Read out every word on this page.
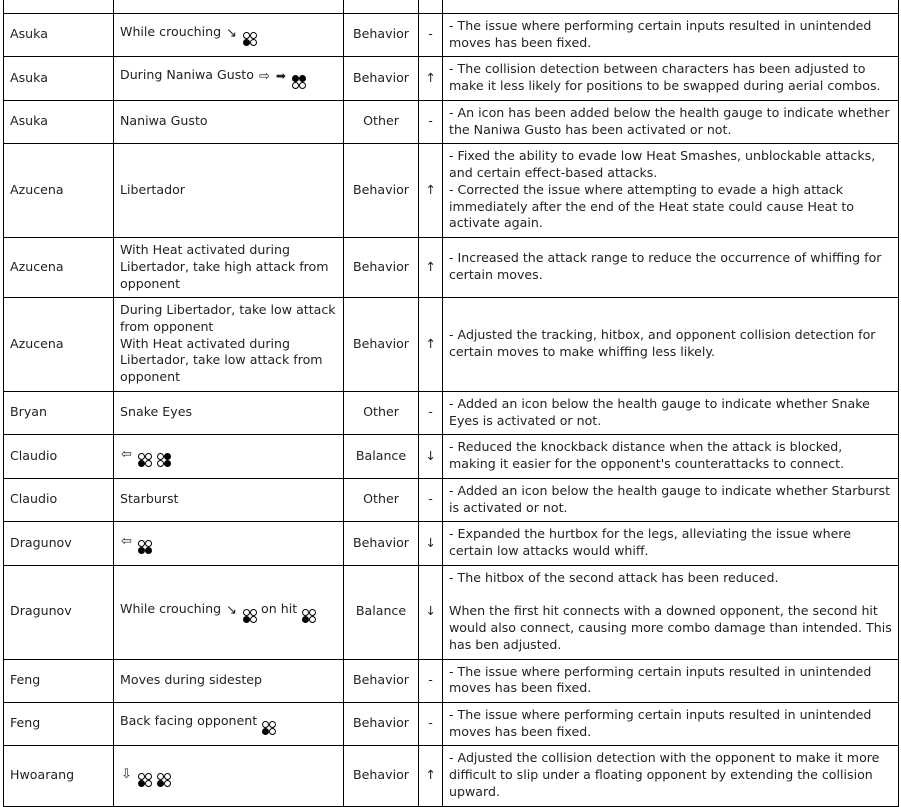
Asuka	While crouching ↘	Behavior	-	- The issue where performing certain inputs resulted in unintended moves has been fixed.

Asuka	During Naniwa Gusto ⇨ ➡	Behavior	↑	- The collision detection between characters has been adjusted to make it less likely for positions to be swapped during aerial combos.

Asuka	Naniwa Gusto	Other	-	- An icon has been added below the health gauge to indicate whether the Naniwa Gusto has been activated or not.

Azucena	Libertador	Behavior	↑	- Fixed the ability to evade low Heat Smashes, unblockable attacks, and certain effect-based attacks.
- Corrected the issue where attempting to evade a high attack immediately after the end of the Heat state could cause Heat to activate again.

Azucena	With Heat activated during Libertador, take high attack from opponent	Behavior	↑	- Increased the attack range to reduce the occurrence of whiffing for certain moves.

Azucena	During Libertador, take low attack from opponent
With Heat activated during Libertador, take low attack from opponent	Behavior	↑	- Adjusted the tracking, hitbox, and opponent collision detection for certain moves to make whiffing less likely.

Bryan	Snake Eyes	Other	-	- Added an icon below the health gauge to indicate whether Snake Eyes is activated or not.

Claudio	⇦	Balance	↓	- Reduced the knockback distance when the attack is blocked, making it easier for the opponent's counterattacks to connect.

Claudio	Starburst	Other	-	- Added an icon below the health gauge to indicate whether Starburst is activated or not.

Dragunov	⇦	Behavior	↓	- Expanded the hurtbox for the legs, alleviating the issue where certain low attacks would whiff.

Dragunov	While crouching ↘ on hit	Balance	↓	- The hitbox of the second attack has been reduced.
When the first hit connects with a downed opponent, the second hit would also connect, causing more combo damage than intended. This has ben adjusted.

Feng	Moves during sidestep	Behavior	-	- The issue where performing certain inputs resulted in unintended moves has been fixed.

Feng	Back facing opponent	Behavior	-	- The issue where performing certain inputs resulted in unintended moves has been fixed.

Hwoarang	⇩	Behavior	↑	- Adjusted the collision detection with the opponent to make it more difficult to slip under a floating opponent by extending the collision upward.
